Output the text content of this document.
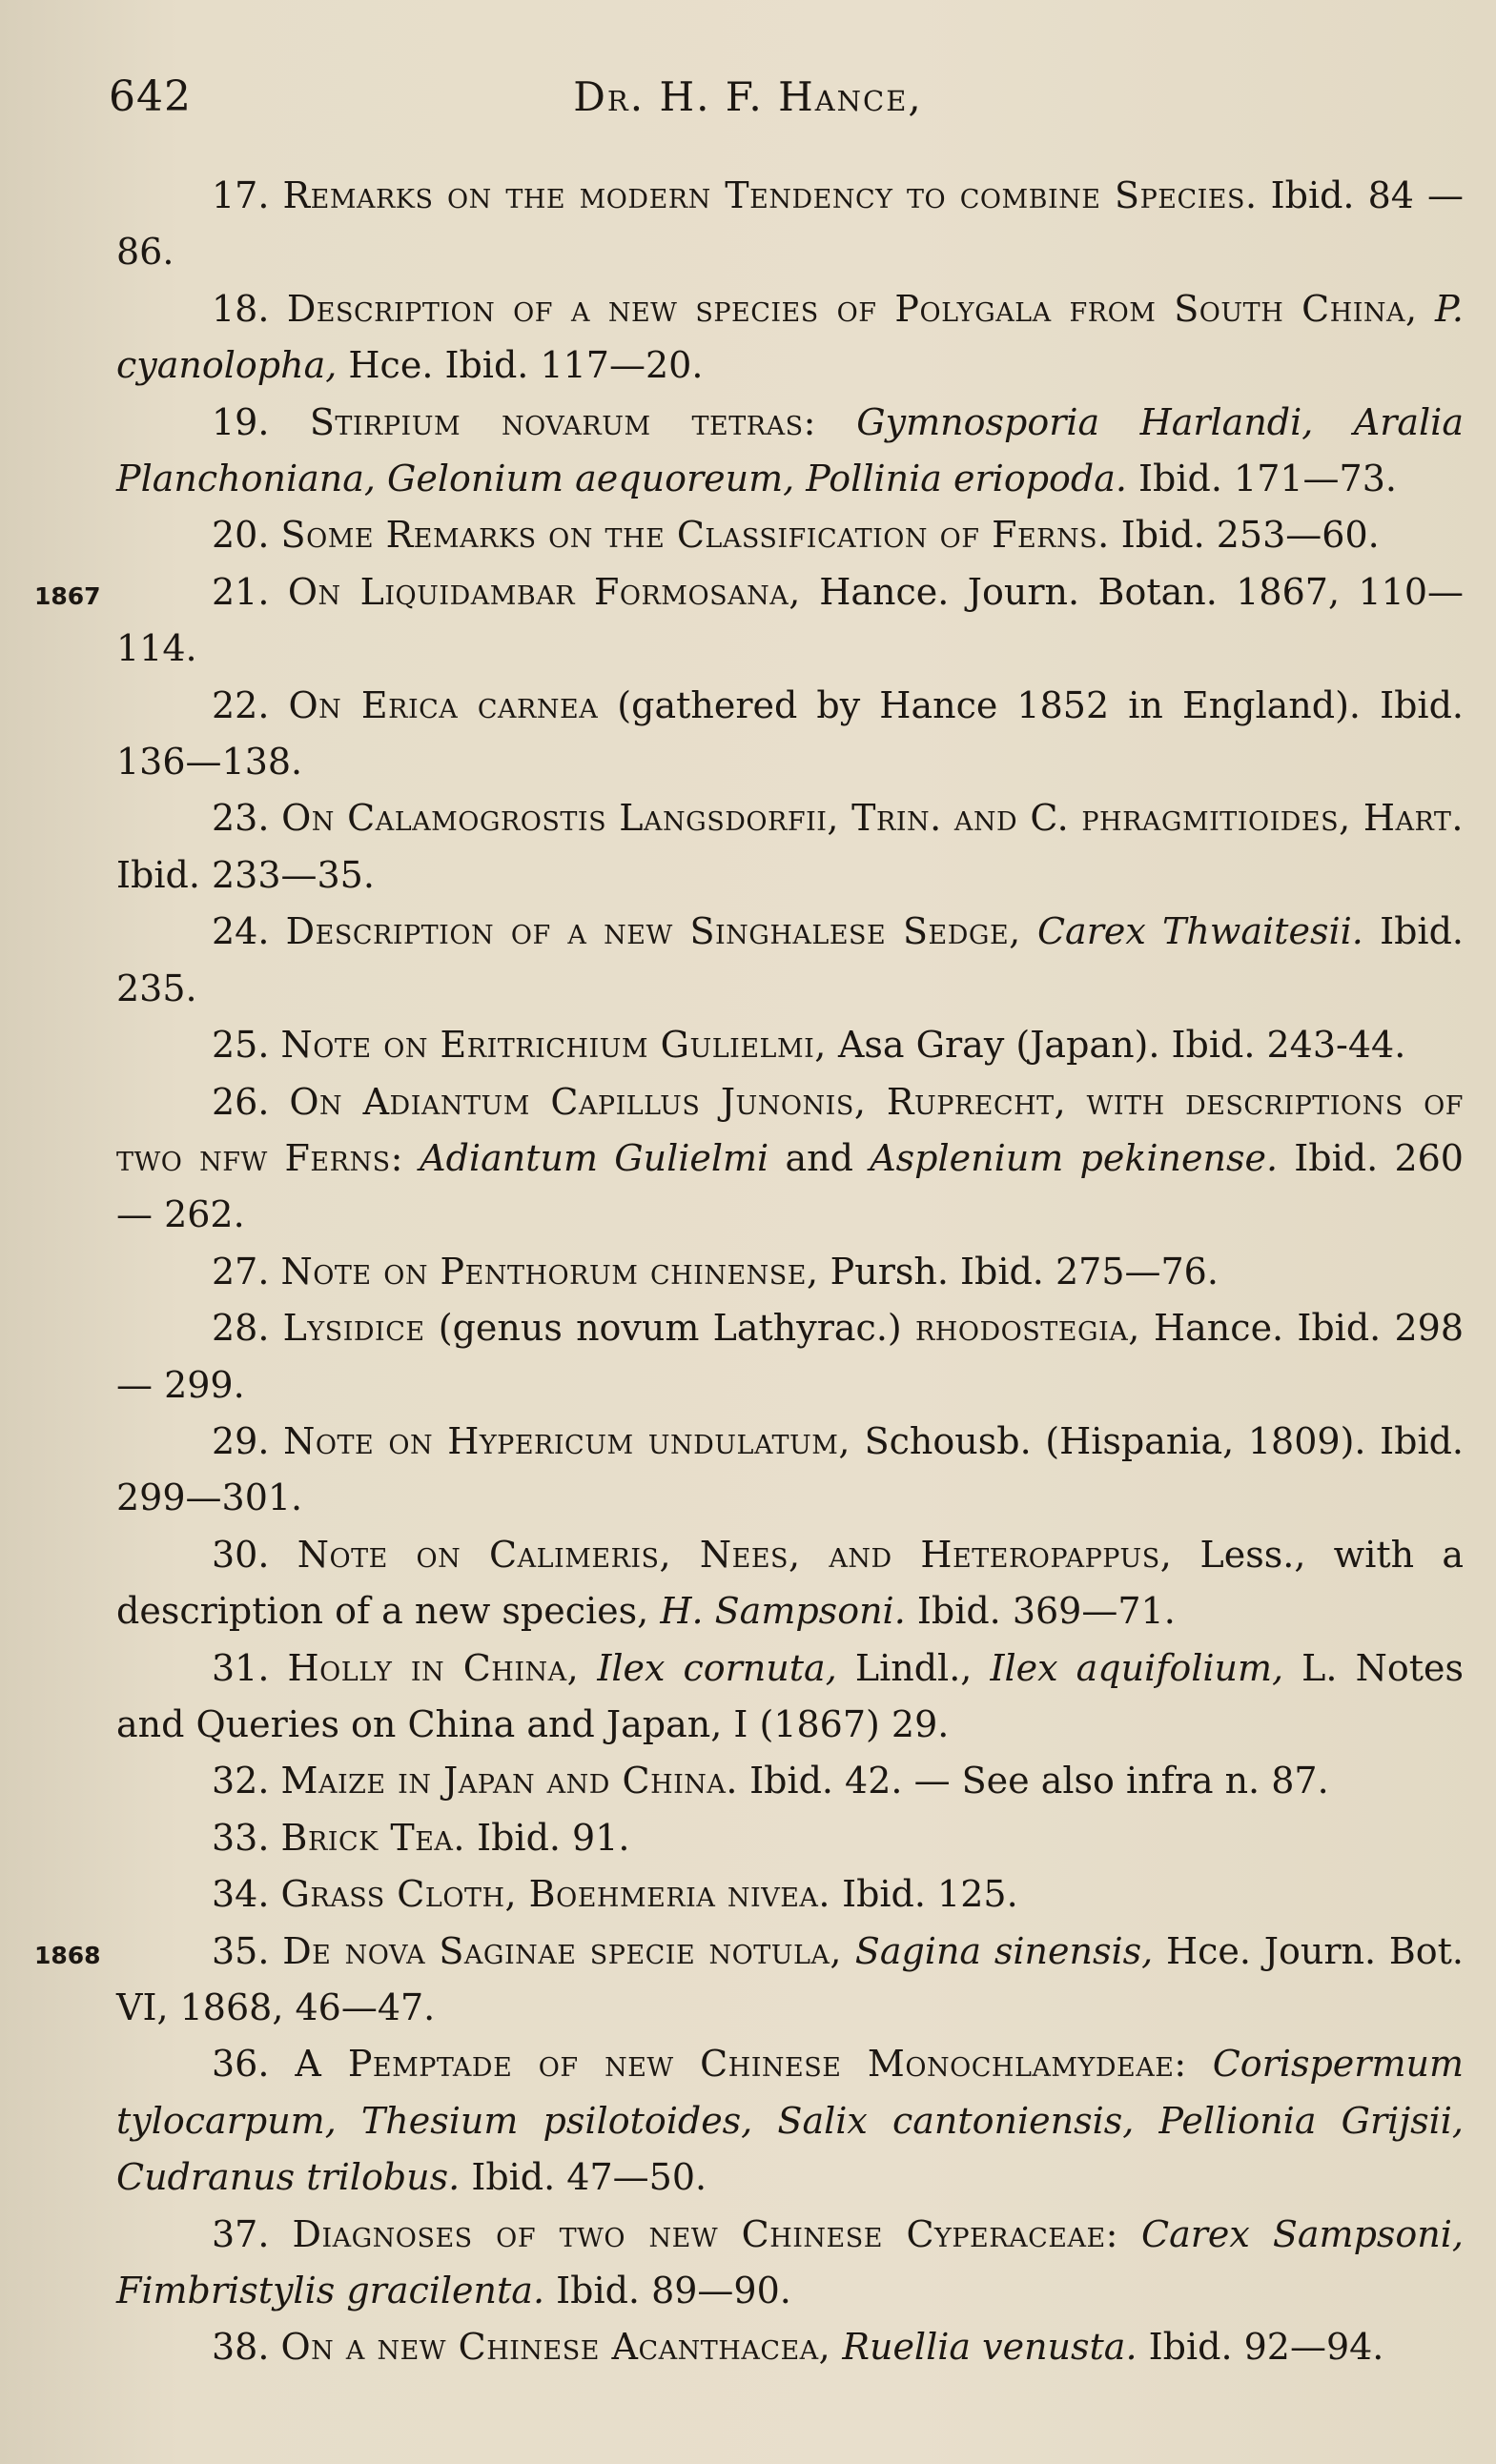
642	Dr. H. F. Hance,

17. Remarks on the modern Tendency to combine Species. Ibid. 84 — 86.

18. Description of a new species of Polygala from South China, P. cyanolopha, Hce. Ibid. 117—20.

19. Stirpium novarum tetras: Gymnosporia Harlandi, Aralia Planchoniana, Gelonium aequoreum, Pollinia eriopoda. Ibid. 171—73.

20. Some Remarks on the Classification of Ferns. Ibid. 253—60.

1867	21. On Liquidambar Formosana, Hance. Journ. Botan. 1867, 110—114.

22. On Erica carnea (gathered by Hance 1852 in England). Ibid. 136—138.

23. On Calamogrostis Langsdorfii, Trin. and C. phragmitioides, Hart. Ibid. 233—35.

24. Description of a new Singhalese Sedge, Carex Thwaitesii. Ibid. 235.

25. Note on Eritrichium Gulielmi, Asa Gray (Japan). Ibid. 243-44.

26. On Adiantum Capillus Junonis, Ruprecht, with descriptions of two nfw Ferns: Adiantum Gulielmi and Asplenium pekinense. Ibid. 260 — 262.

27. Note on Penthorum chinense, Pursh. Ibid. 275—76.

28. Lysidice (genus novum Lathyrac.) rhodostegia, Hance. Ibid. 298 — 299.

29. Note on Hypericum undulatum, Schousb. (Hispania, 1809). Ibid. 299—301.

30. Note on Calimeris, Nees, and Heteropappus, Less., with a description of a new species, H. Sampsoni. Ibid. 369—71.

31. Holly in China, Ilex cornuta, Lindl., Ilex aquifolium, L. Notes and Queries on China and Japan, I (1867) 29.

32. Maize in Japan and China. Ibid. 42. — See also infra n. 87.

33. Brick Tea. Ibid. 91.

34. Grass Cloth, Boehmeria nivea. Ibid. 125.

1868	35. De nova Saginae specie notula, Sagina sinensis, Hce. Journ. Bot. VI, 1868, 46—47.

36. A Pemptade of new Chinese Monochlamydeae: Corispermum tylocarpum, Thesium psilotoides, Salix cantoniensis, Pellionia Grijsii, Cudranus trilobus. Ibid. 47—50.

37. Diagnoses of two new Chinese Cyperaceae: Carex Sampsoni, Fimbristylis gracilenta. Ibid. 89—90.

38. On a new Chinese Acanthacea, Ruellia venusta. Ibid. 92—94.
